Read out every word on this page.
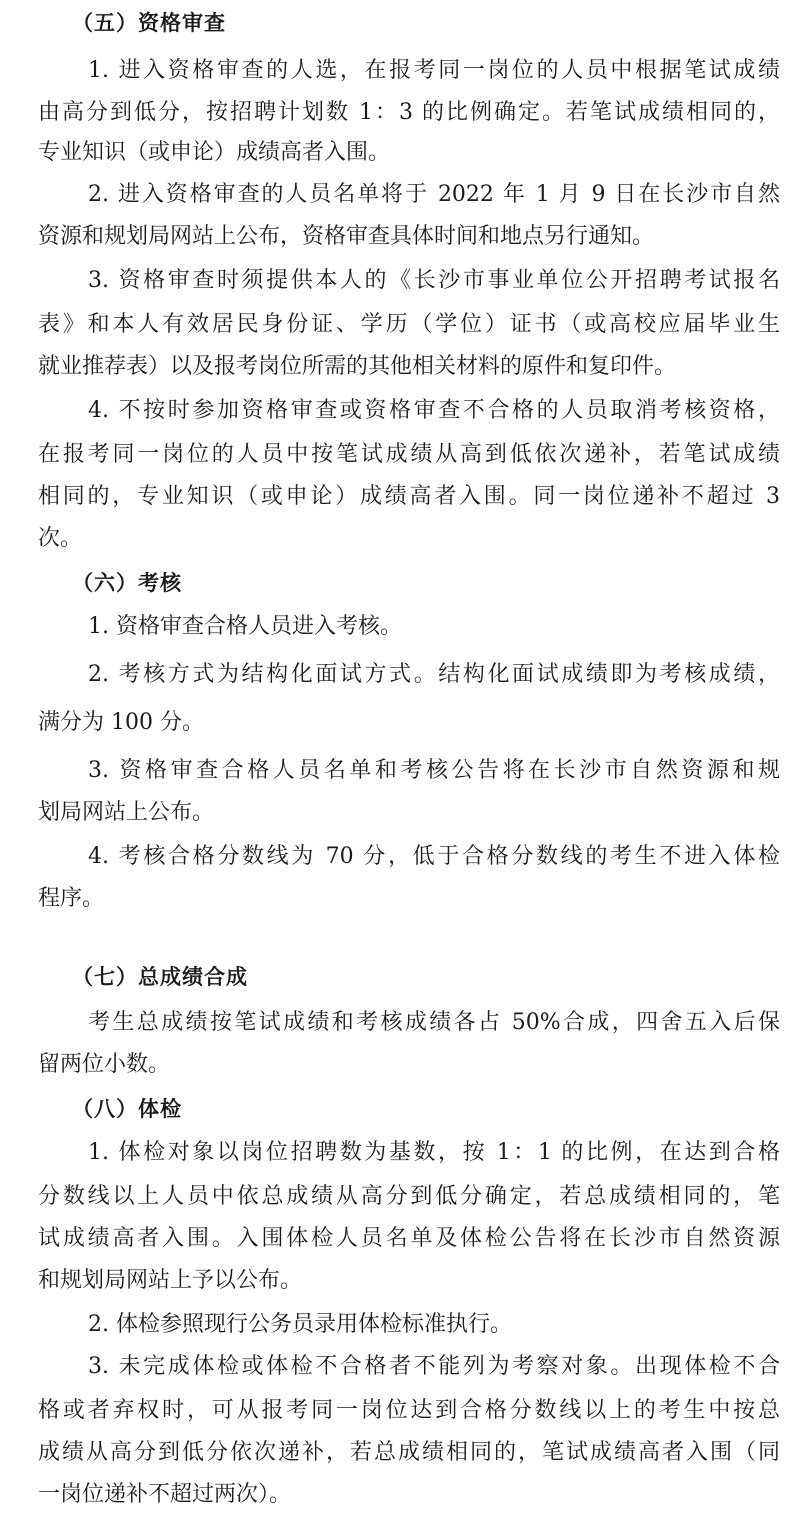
（五）资格审查

1. 进入资格审查的人选，在报考同一岗位的人员中根据笔试成绩

由高分到低分，按招聘计划数 1：3 的比例确定。若笔试成绩相同的，

专业知识（或申论）成绩高者入围。

2. 进入资格审查的人员名单将于 2022 年 1 月 9 日在长沙市自然

资源和规划局网站上公布，资格审查具体时间和地点另行通知。

3. 资格审查时须提供本人的《长沙市事业单位公开招聘考试报名

表》和本人有效居民身份证、学历（学位）证书（或高校应届毕业生

就业推荐表）以及报考岗位所需的其他相关材料的原件和复印件。

4. 不按时参加资格审查或资格审查不合格的人员取消考核资格，

在报考同一岗位的人员中按笔试成绩从高到低依次递补，若笔试成绩

相同的，专业知识（或申论）成绩高者入围。同一岗位递补不超过 3

次。

（六）考核

1. 资格审查合格人员进入考核。

2. 考核方式为结构化面试方式。结构化面试成绩即为考核成绩，

满分为 100 分。

3. 资格审查合格人员名单和考核公告将在长沙市自然资源和规

划局网站上公布。

4. 考核合格分数线为 70 分，低于合格分数线的考生不进入体检

程序。

（七）总成绩合成

考生总成绩按笔试成绩和考核成绩各占 50%合成，四舍五入后保

留两位小数。

（八）体检

1. 体检对象以岗位招聘数为基数，按 1：1 的比例，在达到合格

分数线以上人员中依总成绩从高分到低分确定，若总成绩相同的，笔

试成绩高者入围。入围体检人员名单及体检公告将在长沙市自然资源

和规划局网站上予以公布。

2. 体检参照现行公务员录用体检标准执行。

3. 未完成体检或体检不合格者不能列为考察对象。出现体检不合

格或者弃权时，可从报考同一岗位达到合格分数线以上的考生中按总

成绩从高分到低分依次递补，若总成绩相同的，笔试成绩高者入围（同

一岗位递补不超过两次）。
